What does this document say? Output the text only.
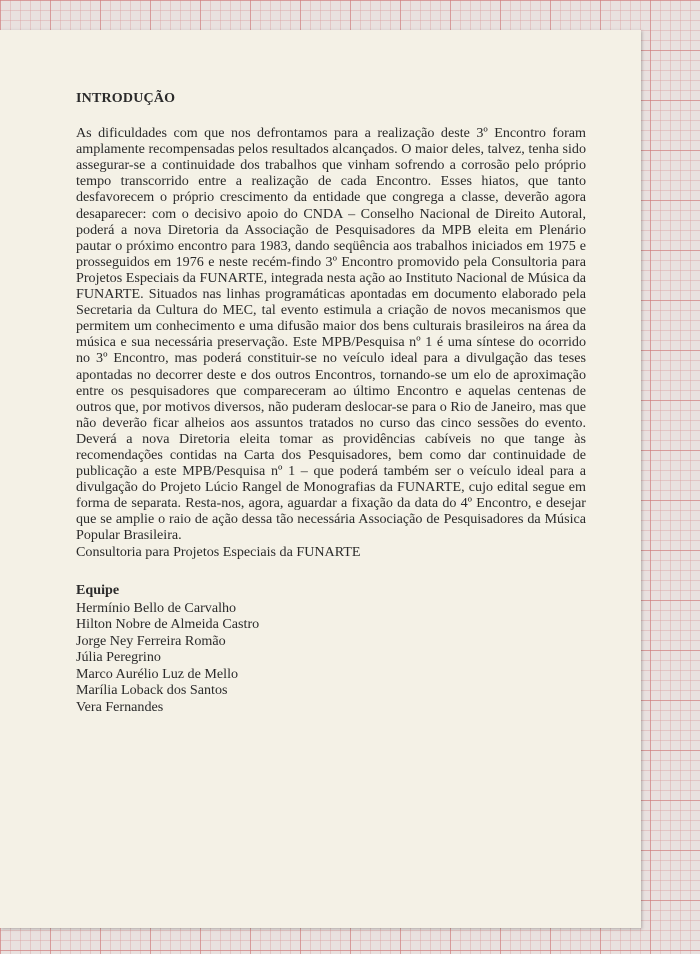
INTRODUÇÃO

As dificuldades com que nos defrontamos para a realização deste 3º Encontro foram amplamente recompensadas pelos resultados alcançados. O maior deles, talvez, tenha sido assegurar-se a continuidade dos trabalhos que vinham sofrendo a corrosão pelo próprio tempo transcorrido entre a realização de cada Encontro. Esses hiatos, que tanto desfavorecem o próprio crescimento da entidade que congrega a classe, deverão agora desaparecer: com o decisivo apoio do CNDA – Conselho Nacional de Direito Autoral, poderá a nova Diretoria da Associação de Pesquisadores da MPB eleita em Plenário pautar o próximo encontro para 1983, dando seqüência aos trabalhos iniciados em 1975 e prosseguidos em 1976 e neste recém-findo 3º Encontro promovido pela Consultoria para Projetos Especiais da FUNARTE, integrada nesta ação ao Instituto Nacional de Música da FUNARTE. Situados nas linhas programáticas apontadas em documento elaborado pela Secretaria da Cultura do MEC, tal evento estimula a criação de novos mecanismos que permitem um conhecimento e uma difusão maior dos bens culturais brasileiros na área da música e sua necessária preservação. Este MPB/Pesquisa nº 1 é uma síntese do ocorrido no 3º Encontro, mas poderá constituir-se no veículo ideal para a divulgação das teses apontadas no decorrer deste e dos outros Encontros, tornando-se um elo de aproximação entre os pesquisadores que compareceram ao último Encontro e aquelas centenas de outros que, por motivos diversos, não puderam deslocar-se para o Rio de Janeiro, mas que não deverão ficar alheios aos assuntos tratados no curso das cinco sessões do evento. Deverá a nova Diretoria eleita tomar as providências cabíveis no que tange às recomendações contidas na Carta dos Pesquisadores, bem como dar continuidade de publicação a este MPB/Pesquisa nº 1 – que poderá também ser o veículo ideal para a divulgação do Projeto Lúcio Rangel de Monografias da FUNARTE, cujo edital segue em forma de separata. Resta-nos, agora, aguardar a fixação da data do 4º Encontro, e desejar que se amplie o raio de ação dessa tão necessária Associação de Pesquisadores da Música Popular Brasileira.

Consultoria para Projetos Especiais da FUNARTE

Equipe
Hermínio Bello de Carvalho
Hilton Nobre de Almeida Castro
Jorge Ney Ferreira Romão
Júlia Peregrino
Marco Aurélio Luz de Mello
Marília Loback dos Santos
Vera Fernandes
